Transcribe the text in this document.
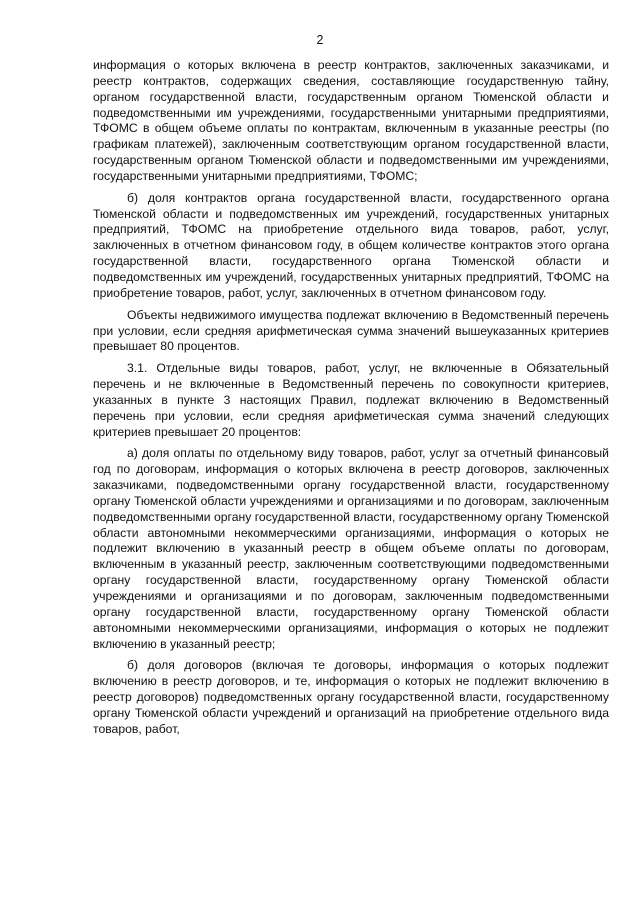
2

информация о которых включена в реестр контрактов, заключенных заказчиками, и реестр контрактов, содержащих сведения, составляющие государственную тайну, органом государственной власти, государственным органом Тюменской области и подведомственными им учреждениями, государственными унитарными предприятиями, ТФОМС в общем объеме оплаты по контрактам, включенным в указанные реестры (по графикам платежей), заключенным соответствующим органом государственной власти, государственным органом Тюменской области и подведомственными им учреждениями, государственными унитарными предприятиями, ТФОМС;

б) доля контрактов органа государственной власти, государственного органа Тюменской области и подведомственных им учреждений, государственных унитарных предприятий, ТФОМС на приобретение отдельного вида товаров, работ, услуг, заключенных в отчетном финансовом году, в общем количестве контрактов этого органа государственной власти, государственного органа Тюменской области и подведомственных им учреждений, государственных унитарных предприятий, ТФОМС на приобретение товаров, работ, услуг, заключенных в отчетном финансовом году.

Объекты недвижимого имущества подлежат включению в Ведомственный перечень при условии, если средняя арифметическая сумма значений вышеуказанных критериев превышает 80 процентов.

3.1. Отдельные виды товаров, работ, услуг, не включенные в Обязательный перечень и не включенные в Ведомственный перечень по совокупности критериев, указанных в пункте 3 настоящих Правил, подлежат включению в Ведомственный перечень при условии, если средняя арифметическая сумма значений следующих критериев превышает 20 процентов:

а) доля оплаты по отдельному виду товаров, работ, услуг за отчетный финансовый год по договорам, информация о которых включена в реестр договоров, заключенных заказчиками, подведомственными органу государственной власти, государственному органу Тюменской области учреждениями и организациями и по договорам, заключенным подведомственными органу государственной власти, государственному органу Тюменской области автономными некоммерческими организациями, информация о которых не подлежит включению в указанный реестр в общем объеме оплаты по договорам, включенным в указанный реестр, заключенным соответствующими подведомственными органу государственной власти, государственному органу Тюменской области учреждениями и организациями и по договорам, заключенным подведомственными органу государственной власти, государственному органу Тюменской области автономными некоммерческими организациями, информация о которых не подлежит включению в указанный реестр;

б) доля договоров (включая те договоры, информация о которых подлежит включению в реестр договоров, и те, информация о которых не подлежит включению в реестр договоров) подведомственных органу государственной власти, государственному органу Тюменской области учреждений и организаций на приобретение отдельного вида товаров, работ,
